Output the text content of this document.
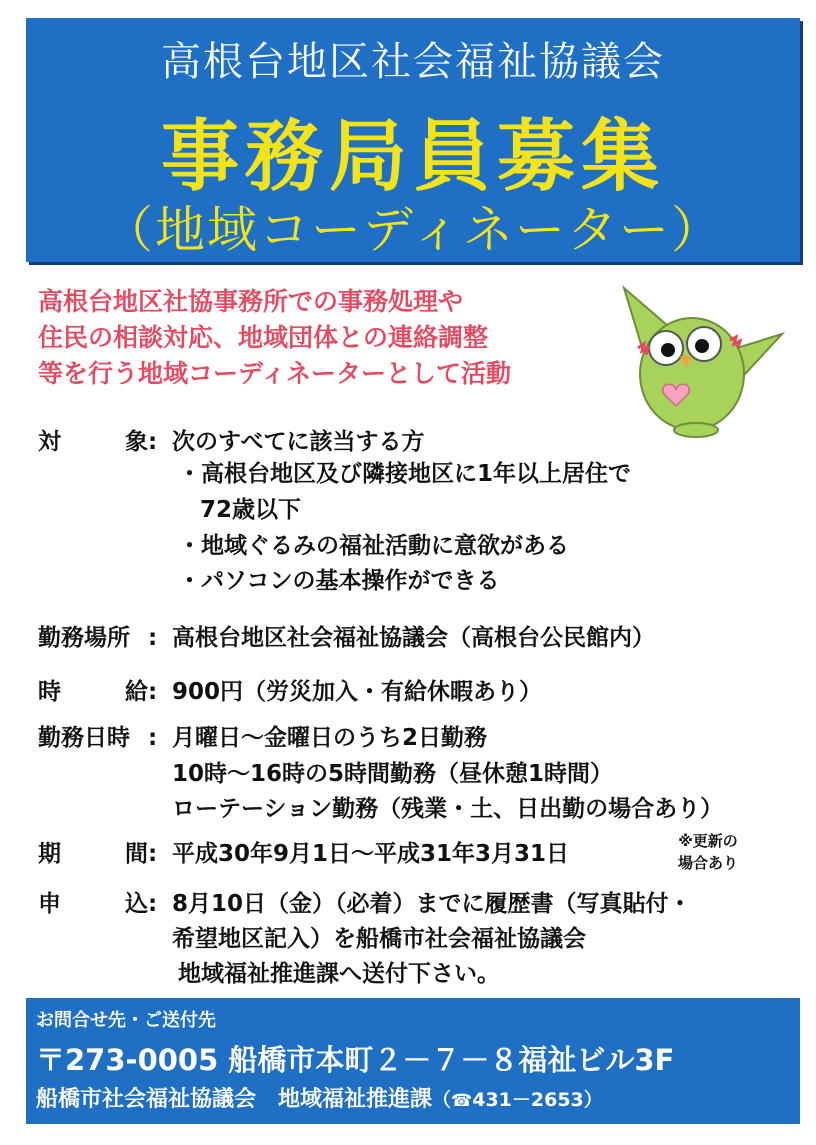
高根台地区社会福祉協議会
事務局員募集
（地域コーディネーター）
高根台地区社協事務所での事務処理や
住民の相談対応、地域団体との連絡調整
等を行う地域コーディネーターとして活動
対	象 : 次のすべてに該当する方
・高根台地区及び隣接地区に1年以上居住で
72歳以下
・地域ぐるみの福祉活動に意欲がある
・パソコンの基本操作ができる
勤務場所 : 高根台地区社会福祉協議会（高根台公民館内）
時	給 : 900円（労災加入・有給休暇あり）
勤務日時 : 月曜日～金曜日のうち2日勤務
10時～16時の5時間勤務（昼休憩1時間）
ローテーション勤務（残業・土、日出勤の場合あり）
期	間 : 平成30年9月1日～平成31年3月31日	※更新の
場合あり
申	込 : 8月10日（金）（必着）までに履歴書（写真貼付・
希望地区記入）を船橋市社会福祉協議会
地域福祉推進課へ送付下さい。
お問合せ先・ご送付先
〒273-0005 船橋市本町２－７－８福祉ビル3F
船橋市社会福祉協議会　地域福祉推進課（☎431－2653）
